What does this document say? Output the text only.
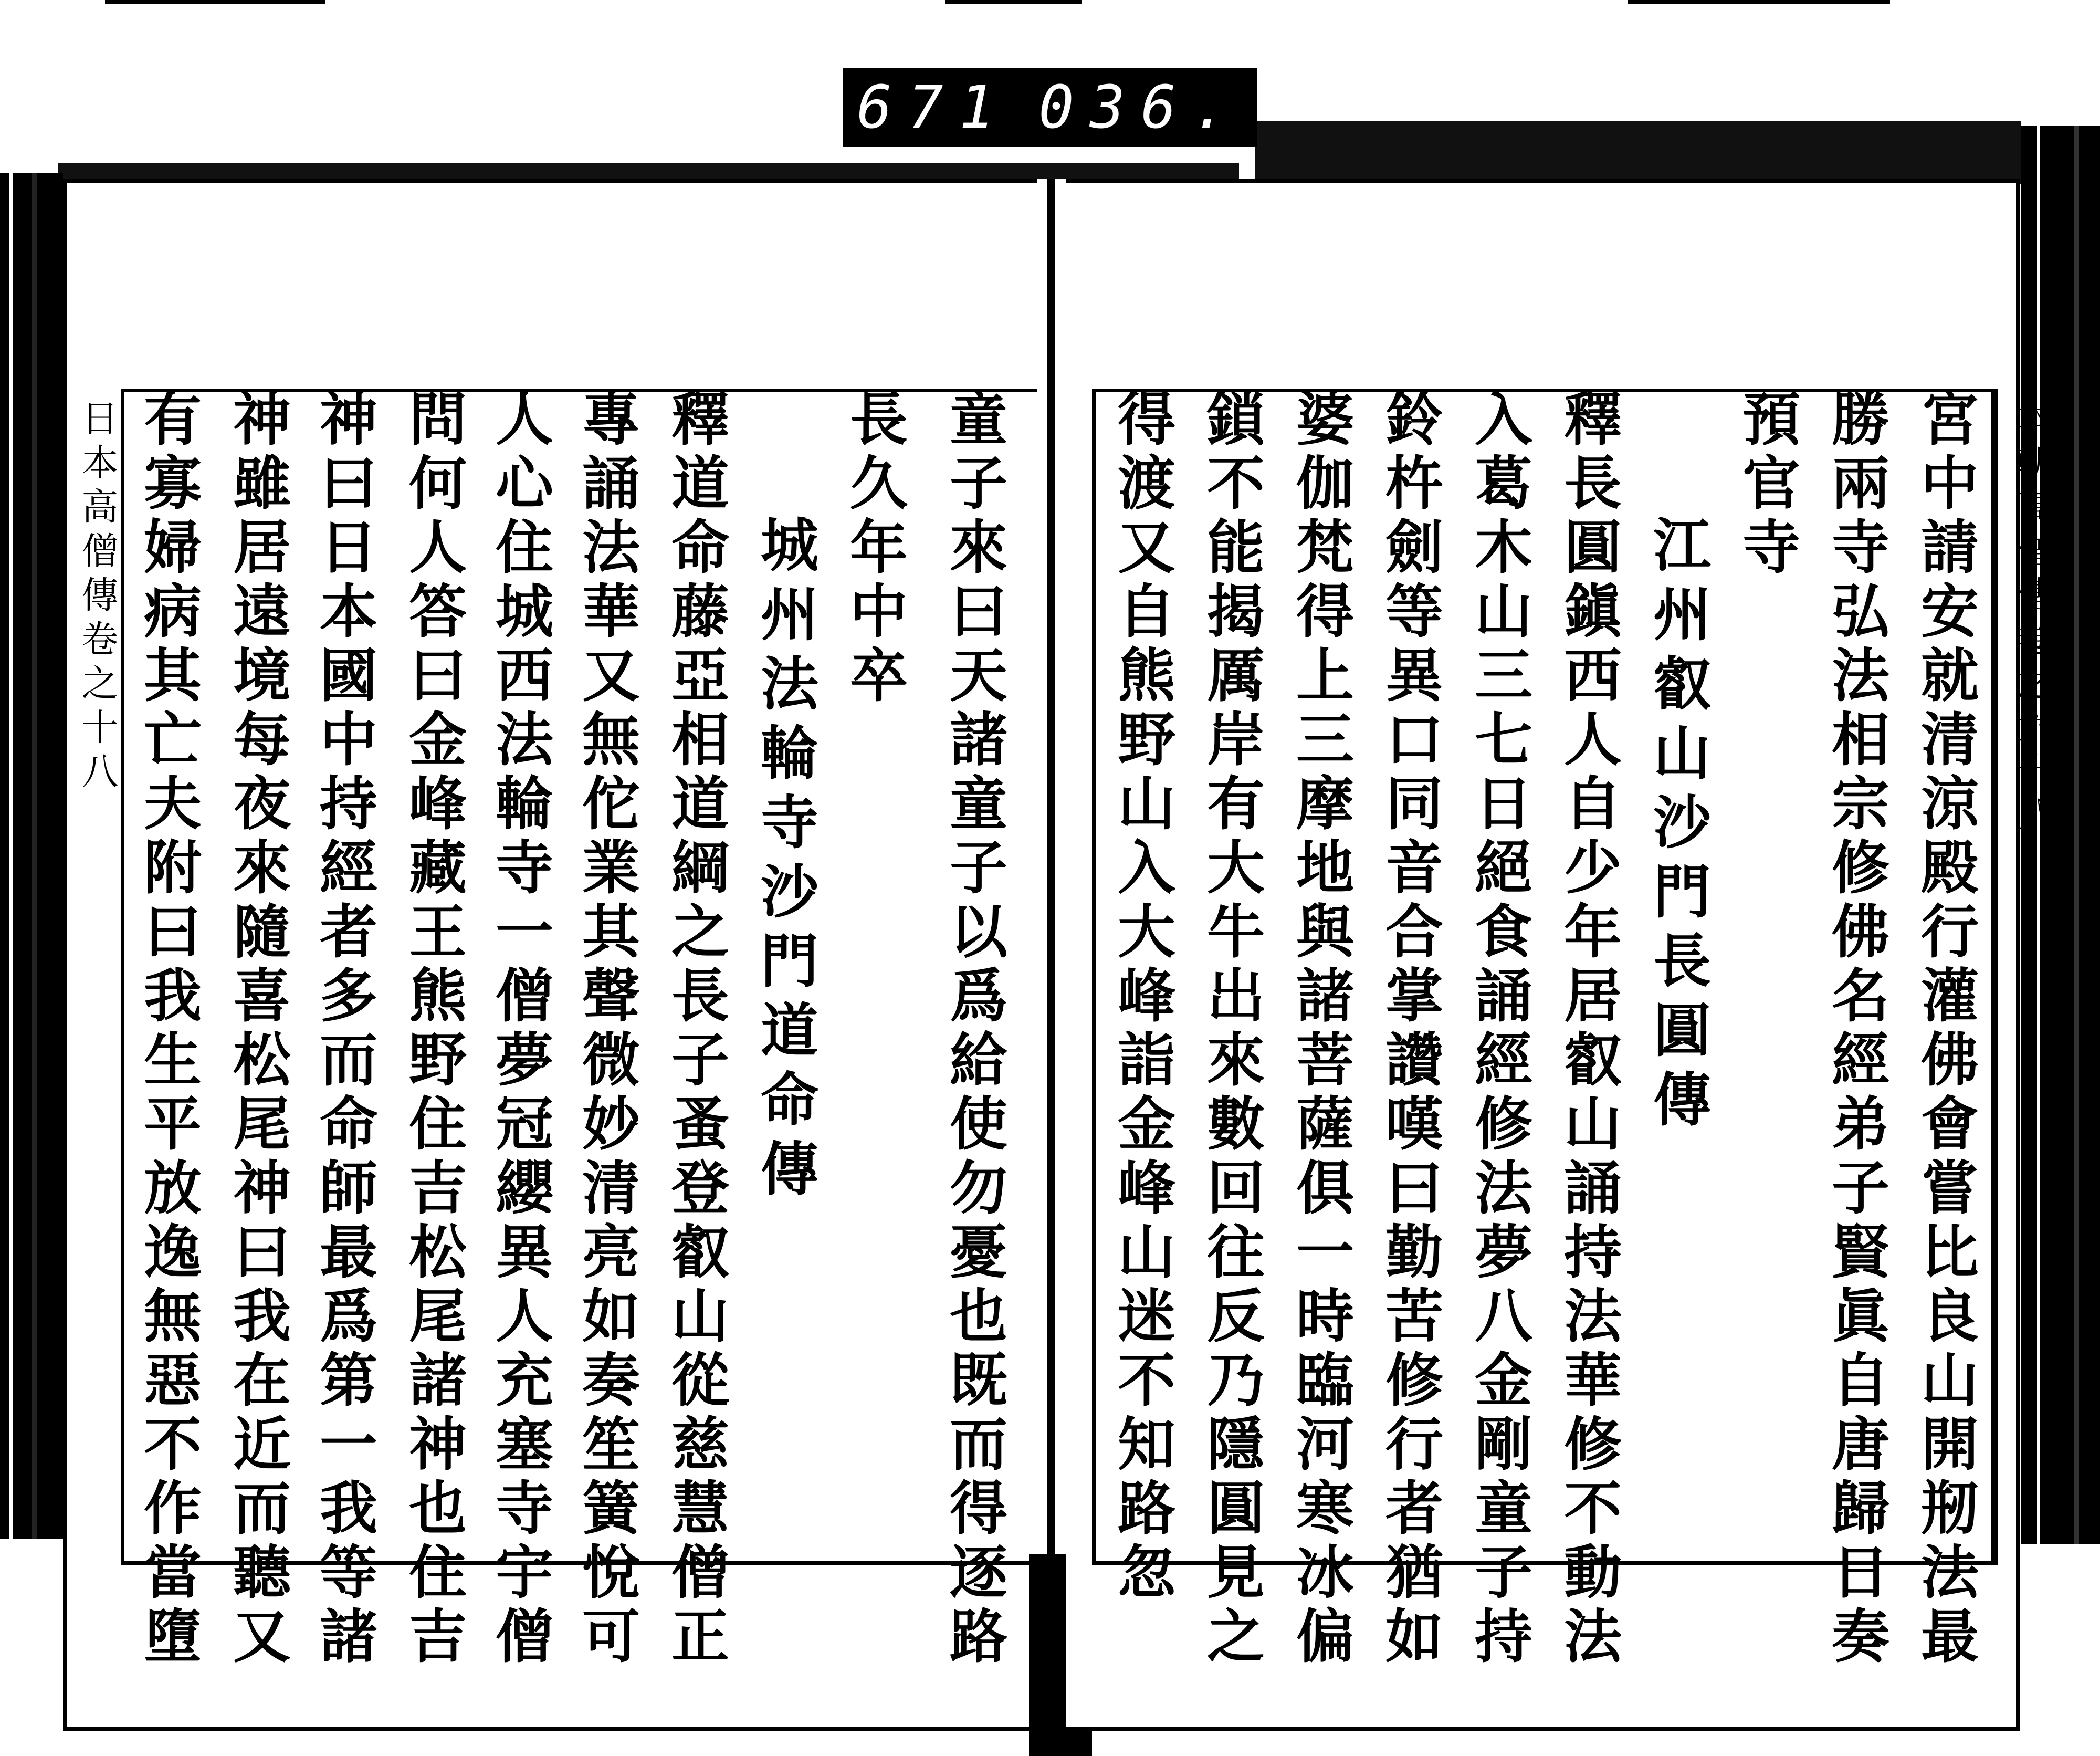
671 036.
日本高僧傳卷之十八	童子來曰天諸童子以爲給使勿憂也既而得逐路
長久年中卒
城州法輪寺沙門道命傳
釋道命藤亞相道綱之長子蚤登叡山從慈慧僧正
專誦法華又無佗業其聲微妙清亮如奏笙簧悅可
人心住城西法輪寺一僧夢冠纓異人充塞寺宇僧
問何人答曰金峰藏王熊野住吉松尾諸神也住吉
神曰日本國中持經者多而命師最爲第一我等諸
神雖居遠境每夜來隨喜松尾神曰我在近而聽又
有寡婦病其亡夫附曰我生平放逸無惡不作當墮	本朝高僧傳卷之六十八
宮中請安就清涼殿行灌佛會嘗比良山開剏法最
勝兩寺弘法相宗修佛名經弟子賢眞自唐歸日奏
預官寺
江州叡山沙門長圓傳
釋長圓鎭西人自少年居叡山誦持法華修不動法
入葛木山三七日絕食誦經修法夢八金剛童子持
鈴杵劍等異口同音合掌讚嘆曰勤苦修行者猶如
婆伽梵得上三摩地與諸菩薩俱一時臨河寒冰偏
鎖不能揭厲岸有大牛出來數回往反乃隱圓見之
得渡又自熊野山入大峰詣金峰山迷不知路忽
